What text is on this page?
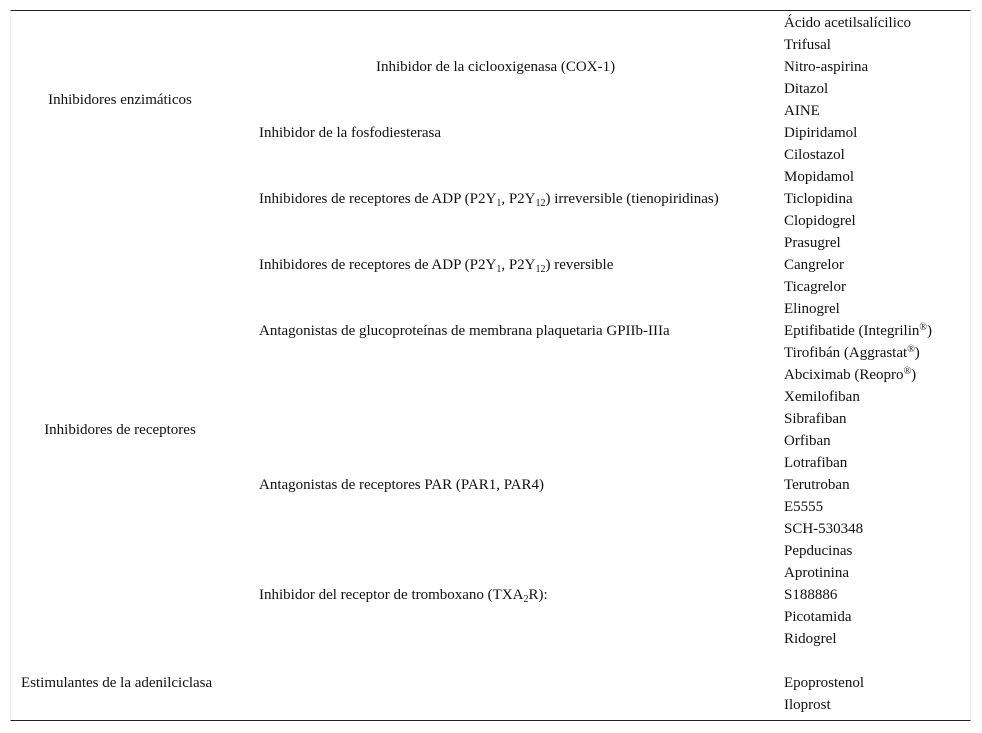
Inhibidores enzimáticos
Inhibidores de receptores
Estimulantes de la adenilciclasa
Inhibidor de la ciclooxigenasa (COX-1)
Inhibidor de la fosfodiesterasa
Inhibidores de receptores de ADP ($P2Y_1$, $P2Y_{12}$) irreversible (tienopiridinas)
Inhibidores de receptores de ADP ($P2Y_1$, $P2Y_{12}$) reversible
Antagonistas de glucoproteínas de membrana plaquetaria GPIIb-IIIa
Antagonistas de receptores PAR (PAR1, PAR4)
Inhibidor del receptor de tromboxano $(TXA_2R)$:
Ácido acetilsalícilico
Trifusal
Nitro-aspirina
Ditazol
AINE
Dipiridamol
Cilostazol
Mopidamol
Ticlopidina
Clopidogrel
Prasugrel
Cangrelor
Ticagrelor
Elinogrel
Eptifibatide (Integrilin®)
Tirofibán (Aggrastat®)
Abciximab (Reopro®)
Xemilofiban
Sibrafiban
Orfiban
Lotrafiban
Terutroban
E5555
SCH-530348
Pepducinas
Aprotinina
S188886
Picotamida
Ridogrel
Epoprostenol
Iloprost
